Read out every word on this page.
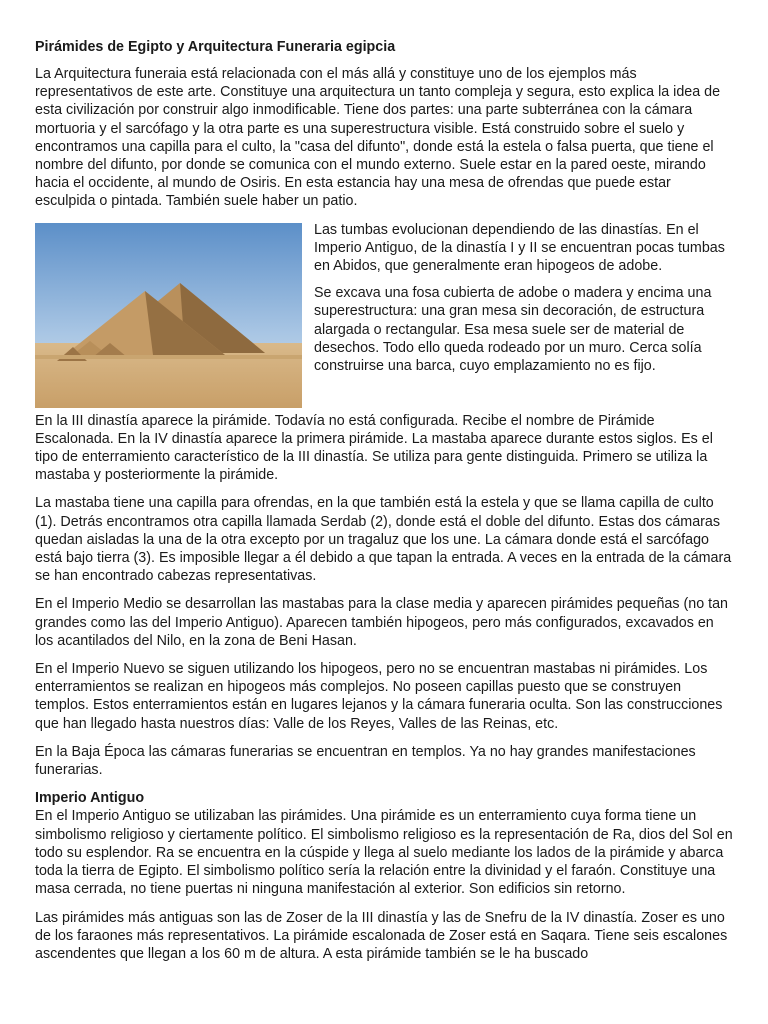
Pirámides de Egipto y Arquitectura Funeraria egipcia

La Arquitectura funeraia está relacionada con el más allá y constituye uno de los ejemplos más representativos de este arte. Constituye una arquitectura un tanto compleja y segura, esto explica la idea de esta civilización por construir algo inmodificable. Tiene dos partes: una parte subterránea con la cámara mortuoria y el sarcófago y la otra parte es una superestructura visible. Está construido sobre el suelo y encontramos una capilla para el culto, la "casa del difunto", donde está la estela o falsa puerta, que tiene el nombre del difunto, por donde se comunica con el mundo externo. Suele estar en la pared oeste, mirando hacia el occidente, al mundo de Osiris. En esta estancia hay una mesa de ofrendas que puede estar esculpida o pintada. También suele haber un patio.

Las tumbas evolucionan dependiendo de las dinastías. En el Imperio Antiguo, de la dinastía I y II se encuentran pocas tumbas en Abidos, que generalmente eran hipogeos de adobe.

Se excava una fosa cubierta de adobe o madera y encima una superestructura: una gran mesa sin decoración, de estructura alargada o rectangular. Esa mesa suele ser de material de desechos. Todo ello queda rodeado por un muro. Cerca solía construirse una barca, cuyo emplazamiento no es fijo.

En la III dinastía aparece la pirámide. Todavía no está configurada. Recibe el nombre de Pirámide Escalonada. En la IV dinastía aparece la primera pirámide. La mastaba aparece durante estos siglos. Es el tipo de enterramiento característico de la III dinastía. Se utiliza para gente distinguida. Primero se utiliza la mastaba y posteriormente la pirámide.

La mastaba tiene una capilla para ofrendas, en la que también está la estela y que se llama capilla de culto (1). Detrás encontramos otra capilla llamada Serdab (2), donde está el doble del difunto. Estas dos cámaras quedan aisladas la una de la otra excepto por un tragaluz que los une. La cámara donde está el sarcófago está bajo tierra (3). Es imposible llegar a él debido a que tapan la entrada. A veces en la entrada de la cámara se han encontrado cabezas representativas.

En el Imperio Medio se desarrollan las mastabas para la clase media y aparecen pirámides pequeñas (no tan grandes como las del Imperio Antiguo). Aparecen también hipogeos, pero más configurados, excavados en los acantilados del Nilo, en la zona de Beni Hasan.

En el Imperio Nuevo se siguen utilizando los hipogeos, pero no se encuentran mastabas ni pirámides. Los enterramientos se realizan en hipogeos más complejos. No poseen capillas puesto que se construyen templos. Estos enterramientos están en lugares lejanos y la cámara funeraria oculta. Son las construcciones que han llegado hasta nuestros días: Valle de los Reyes, Valles de las Reinas, etc.

En la Baja Época las cámaras funerarias se encuentran en templos. Ya no hay grandes manifestaciones funerarias.

Imperio Antiguo

En el Imperio Antiguo se utilizaban las pirámides. Una pirámide es un enterramiento cuya forma tiene un simbolismo religioso y ciertamente político. El simbolismo religioso es la representación de Ra, dios del Sol en todo su esplendor. Ra se encuentra en la cúspide y llega al suelo mediante los lados de la pirámide y abarca toda la tierra de Egipto. El simbolismo político sería la relación entre la divinidad y el faraón. Constituye una masa cerrada, no tiene puertas ni ninguna manifestación al exterior. Son edificios sin retorno.

Las pirámides más antiguas son las de Zoser de la III dinastía y las de Snefru de la IV dinastía. Zoser es uno de los faraones más representativos. La pirámide escalonada de Zoser está en Saqara. Tiene seis escalones ascendentes que llegan a los 60 m de altura. A esta pirámide también se le ha buscado
